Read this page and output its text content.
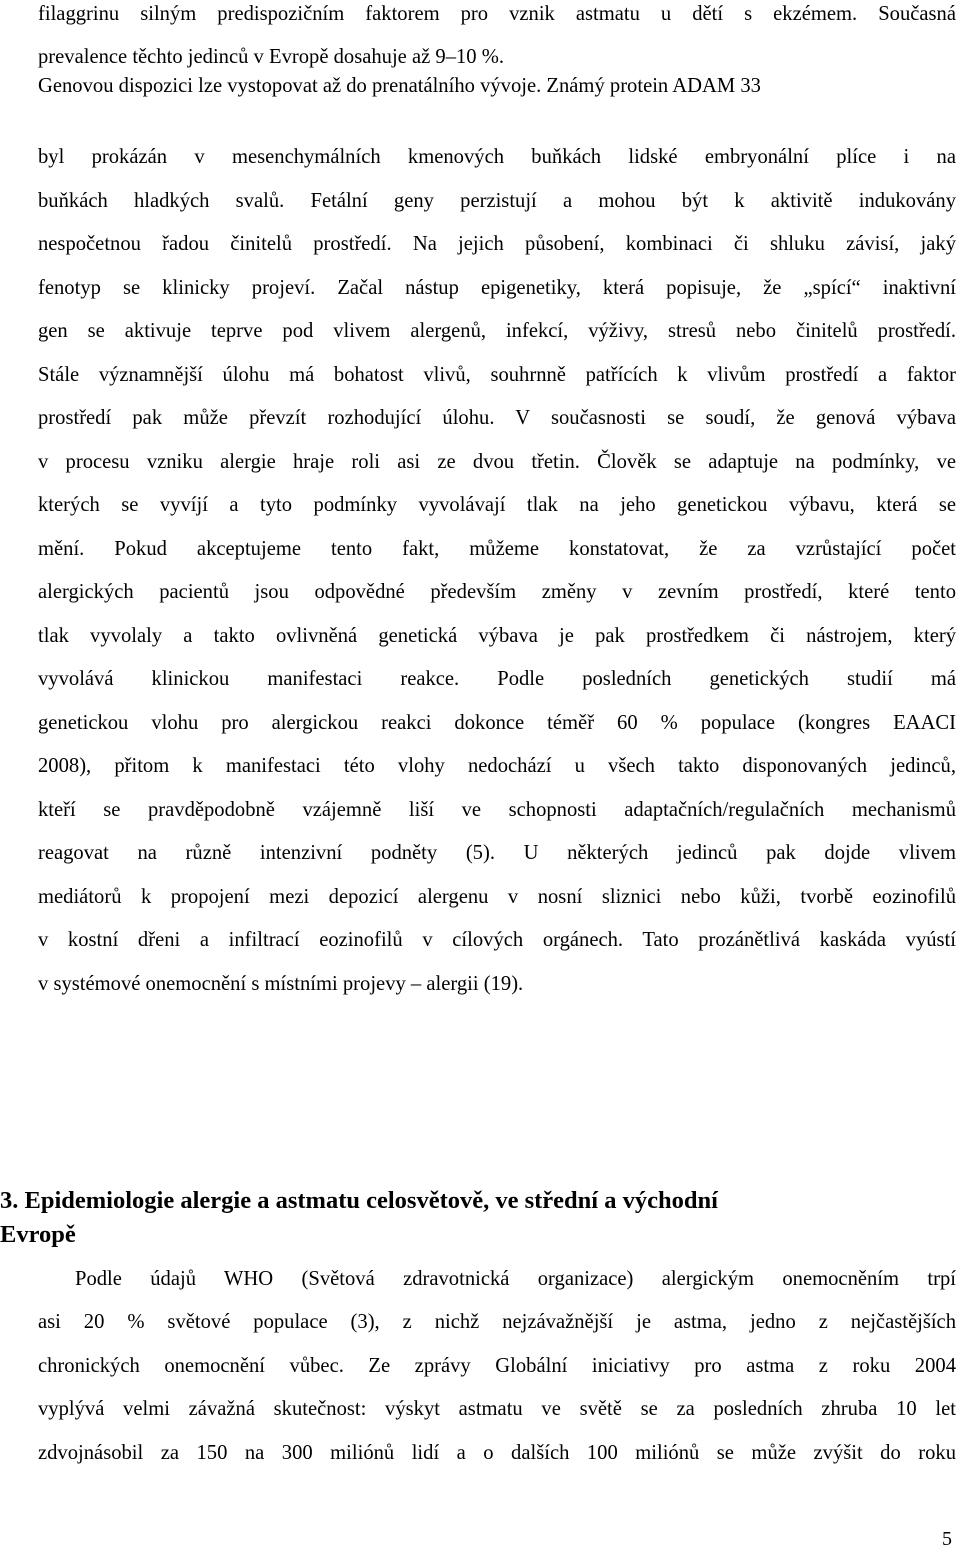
filaggrinu silným predispozičním faktorem pro vznik astmatu u dětí s ekzémem. Současná
prevalence těchto jedinců v Evropě dosahuje až 9–10 %.
Genovou dispozici lze vystopovat až do prenatálního vývoje. Známý protein ADAM 33
byl prokázán v mesenchymálních kmenových buňkách lidské embryonální plíce i na
buňkách hladkých svalů. Fetální geny perzistují a mohou být k aktivitě indukovány
nespočetnou řadou činitelů prostředí. Na jejich působení, kombinaci či shluku závisí, jaký
fenotyp se klinicky projeví. Začal nástup epigenetiky, která popisuje, že „spící“ inaktivní
gen se aktivuje teprve pod vlivem alergenů, infekcí, výživy, stresů nebo činitelů prostředí.
Stále významnější úlohu má bohatost vlivů, souhrnně patřících k vlivům prostředí a faktor
prostředí pak může převzít rozhodující úlohu. V současnosti se soudí, že genová výbava
v procesu vzniku alergie hraje roli asi ze dvou třetin. Člověk se adaptuje na podmínky, ve
kterých se vyvíjí a tyto podmínky vyvolávají tlak na jeho genetickou výbavu, která se
mění. Pokud akceptujeme tento fakt, můžeme konstatovat, že za vzrůstající počet
alergických pacientů jsou odpovědné především změny v zevním prostředí, které tento
tlak vyvolaly a takto ovlivněná genetická výbava je pak prostředkem či nástrojem, který
vyvolává klinickou manifestaci reakce. Podle posledních genetických studií má
genetickou vlohu pro alergickou reakci dokonce téměř 60 % populace (kongres EAACI
2008), přitom k manifestaci této vlohy nedochází u všech takto disponovaných jedinců,
kteří se pravděpodobně vzájemně liší ve schopnosti adaptačních/regulačních mechanismů
reagovat na různě intenzivní podněty (5). U některých jedinců pak dojde vlivem
mediátorů k propojení mezi depozicí alergenu v nosní sliznici nebo kůži, tvorbě eozinofilů
v kostní dřeni a infiltrací eozinofilů v cílových orgánech. Tato prozánětlivá kaskáda vyústí
v systémové onemocnění s místními projevy – alergii (19).
3. Epidemiologie alergie a astmatu celosvětově, ve střední a východní
Evropě
Podle údajů WHO (Světová zdravotnická organizace) alergickým onemocněním trpí
asi 20 % světové populace (3), z nichž nejzávažnější je astma, jedno z nejčastějších
chronických onemocnění vůbec. Ze zprávy Globální iniciativy pro astma z roku 2004
vyplývá velmi závažná skutečnost: výskyt astmatu ve světě se za posledních zhruba 10 let
zdvojnásobil za 150 na 300 miliónů lidí a o dalších 100 miliónů se může zvýšit do roku
5
